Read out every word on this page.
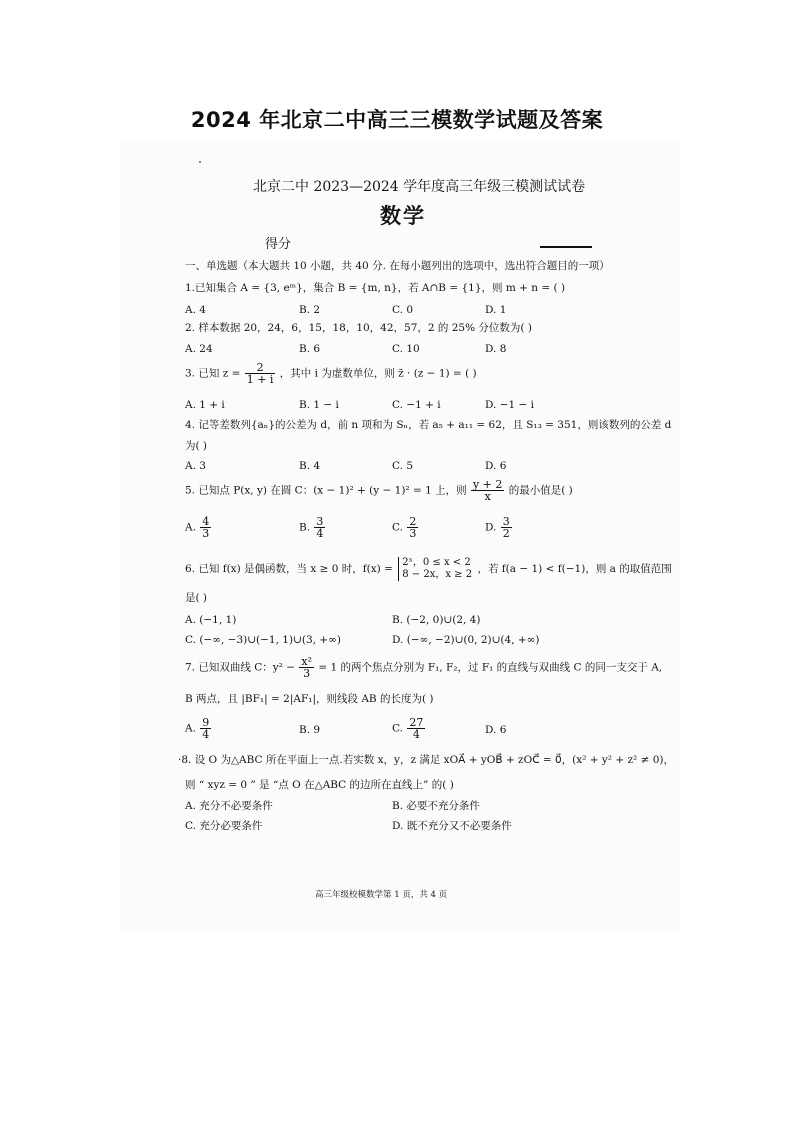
2024 年北京二中高三三模数学试题及答案
北京二中 2023—2024 学年度高三年级三模测试试卷
数学
得分
一、单选题（本大题共 10 小题，共 40 分. 在每小题列出的选项中，选出符合题目的一项）
1.已知集合 A = {3, eᵐ}，集合 B = {m, n}，若 A∩B = {1}，则 m + n = ( )
A. 4	B. 2	C. 0	D. 1
2. 样本数据 20，24，6，15，18，10，42，57，2 的 25% 分位数为( )
A. 24	B. 6	C. 10	D. 8
3. 已知 $z = \frac{2}{1 + i}$ ，其中 i 为虚数单位，则 z̄ · (z − 1) = ( )
A. 1 + i	B. 1 − i	C. −1 + i	D. −1 − i
4. 记等差数列{aₙ}的公差为 d，前 n 项和为 Sₙ，若 a₅ + a₁₁ = 62，且 S₁₃ = 351，则该数列的公差 d
为( )
A. 3	B. 4	C. 5	D. 6
5. 已知点 P(x, y) 在圆 C：(x − 1)² + (y − 1)² = 1 上，则 $\frac{y + 2}{x}$ 的最小值是( )
A. $\frac{4}{3}$	B. $\frac{3}{4}$	C. $\frac{2}{3}$	D. $\frac{3}{2}$
6. 已知 f(x) 是偶函数，当 x ≥ 0 时，f(x) =
2ˣ，0 ≤ x < 2
8 − 2x，x ≥ 2 ，若 f(a − 1) < f(−1)，则 a 的取值范围
是( )
A. (−1, 1)	B. (−2, 0)∪(2, 4)
C. (−∞, −3)∪(−1, 1)∪(3, +∞)	D. (−∞, −2)∪(0, 2)∪(4, +∞)
7. 已知双曲线 C：$y^2 - \frac{\text{x²}}{3} = 1$ 的两个焦点分别为 F₁, F₂，过 F₁ 的直线与双曲线 C 的同一支交于 A,
B 两点，且 |BF₁| = 2|AF₁|，则线段 AB 的长度为( )
A. $\frac{9}{4}$	B. 9	C. $\frac{27}{4}$	D. 6
·8. 设 O 为△ABC 所在平面上一点.若实数 x，y，z 满足 xOA⃗ + yOB⃗ + zOC⃗ = 0⃗，(x² + y² + z² ≠ 0)，
则 “ xyz = 0 ” 是 “点 O 在△ABC 的边所在直线上” 的( )
A. 充分不必要条件	B. 必要不充分条件
C. 充分必要条件	D. 既不充分又不必要条件
高三年级校模数学第 1 页，共 4 页
